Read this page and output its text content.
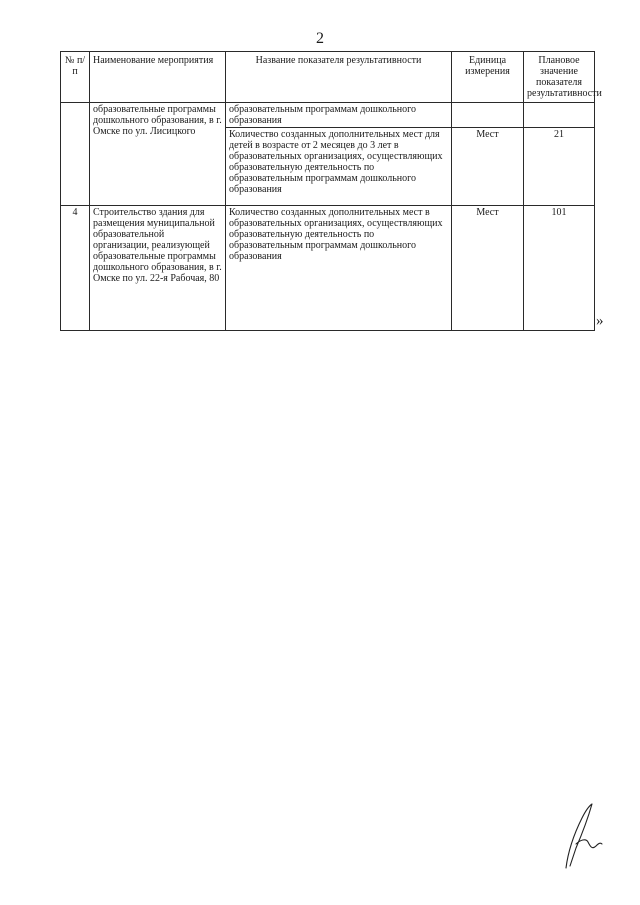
2
№ п/п	Наименование мероприятия	Название показателя результативности	Единица измерения	Плановое значение показателя результативности
	образовательные программы дошкольного образования, в г. Омске по ул. Лисицкого	образовательным программам дошкольного образования		
		Количество созданных дополнительных мест для детей в возрасте от 2 месяцев до 3 лет в образовательных организациях, осуществляющих образовательную деятельность по образовательным программам дошкольного образования	Мест	21
4	Строительство здания для размещения муниципальной образовательной организации, реализующей образовательные программы дошкольного образования, в г. Омске по ул. 22-я Рабочая, 80	Количество созданных дополнительных мест в образовательных организациях, осуществляющих образовательную деятельность по образовательным программам дошкольного образования	Мест	101
»
